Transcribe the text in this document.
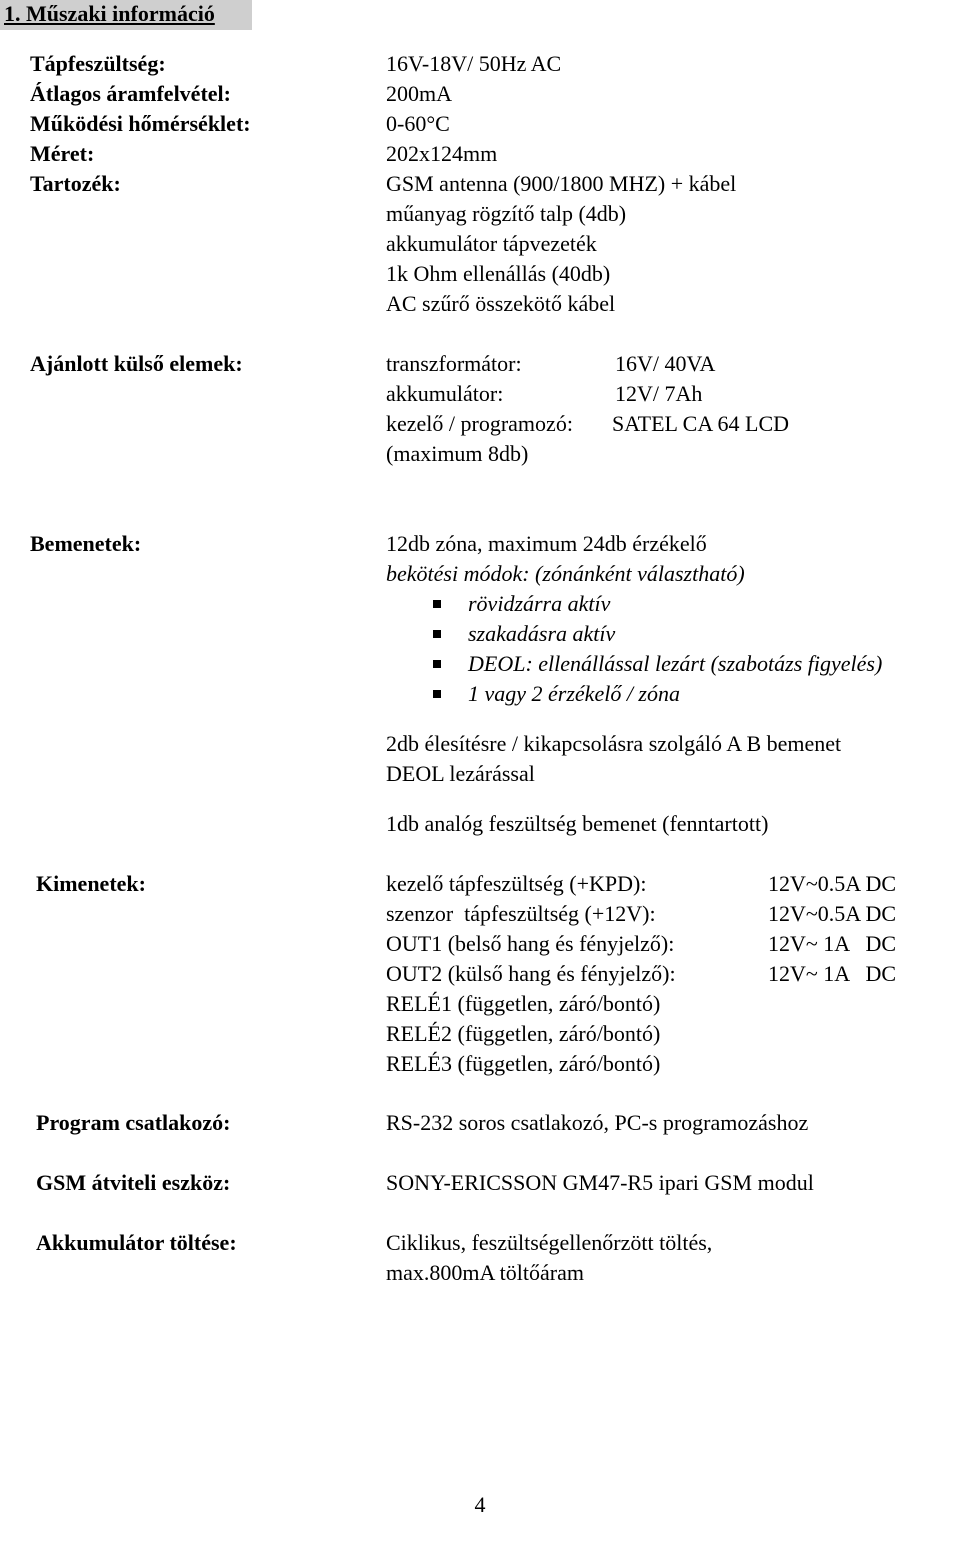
1. Műszaki információ
Tápfeszültség:	16V-18V/ 50Hz AC
Átlagos áramfelvétel:	200mA
Működési hőmérséklet:	0-60°C
Méret:	202x124mm
Tartozék:	GSM antenna (900/1800 MHZ) + kábel
műanyag rögzítő talp (4db)
akkumulátor tápvezeték
1k Ohm ellenállás (40db)
AC szűrő összekötő kábel
Ajánlott külső elemek:	transzformátor:	16V/ 40VA
akkumulátor:	12V/ 7Ah
kezelő / programozó: SATEL CA 64 LCD
(maximum 8db)
Bemenetek:	12db zóna, maximum 24db érzékelő
bekötési módok: (zónánként választható)
rövidzárra aktív
szakadásra aktív
DEOL: ellenállással lezárt (szabotázs figyelés)
1 vagy 2 érzékelő / zóna
2db élesítésre / kikapcsolásra szolgáló A B bemenet
DEOL lezárással
1db analóg feszültség bemenet (fenntartott)
Kimenetek:	kezelő tápfeszültség (+KPD):	12V~0.5A DC
szenzor  tápfeszültség (+12V):	12V~0.5A DC
OUT1 (belső hang és fényjelző):	12V~ 1A   DC
OUT2 (külső hang és fényjelző):	12V~ 1A   DC
RELÉ1 (független, záró/bontó)
RELÉ2 (független, záró/bontó)
RELÉ3 (független, záró/bontó)
Program csatlakozó:	RS-232 soros csatlakozó, PC-s programozáshoz
GSM átviteli eszköz:	SONY-ERICSSON GM47-R5 ipari GSM modul
Akkumulátor töltése:	Ciklikus, feszültségellenőrzött töltés,
max.800mA töltőáram
4
